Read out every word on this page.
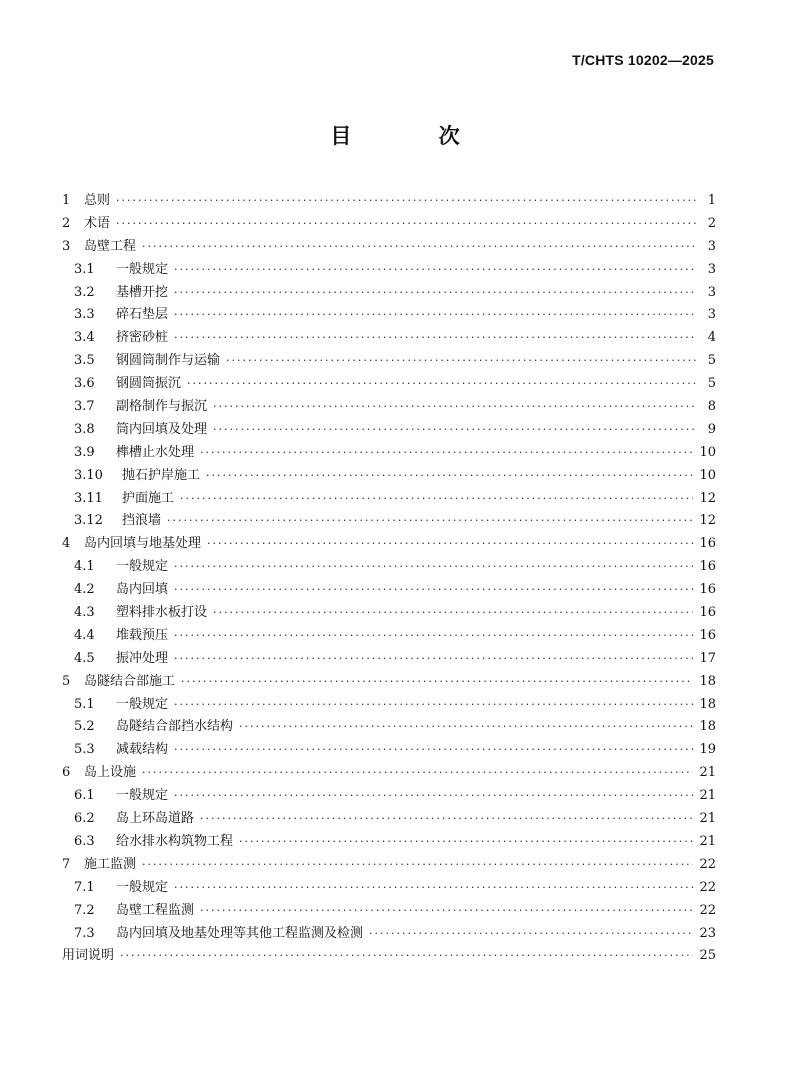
T/CHTS 10202—2025
目 次
1	总则 ·····	1
2	术语 ·····	2
3	岛壁工程 ·····	3
3.1	一般规定 ·····	3
3.2	基槽开挖 ·····	3
3.3	碎石垫层 ·····	3
3.4	挤密砂桩 ·····	4
3.5	钢圆筒制作与运输 ·····	5
3.6	钢圆筒振沉 ·····	5
3.7	副格制作与振沉 ·····	8
3.8	筒内回填及处理 ·····	9
3.9	榫槽止水处理 ·····	10
3.10	抛石护岸施工 ·····	10
3.11	护面施工 ·····	12
3.12	挡浪墙 ·····	12
4	岛内回填与地基处理 ·····	16
4.1	一般规定 ·····	16
4.2	岛内回填 ·····	16
4.3	塑料排水板打设 ·····	16
4.4	堆载预压 ·····	16
4.5	振冲处理 ·····	17
5	岛隧结合部施工 ·····	18
5.1	一般规定 ·····	18
5.2	岛隧结合部挡水结构 ·····	18
5.3	减载结构 ·····	19
6	岛上设施 ·····	21
6.1	一般规定 ·····	21
6.2	岛上环岛道路 ·····	21
6.3	给水排水构筑物工程 ·····	21
7	施工监测 ·····	22
7.1	一般规定 ·····	22
7.2	岛壁工程监测 ·····	22
7.3	岛内回填及地基处理等其他工程监测及检测 ·····	23
用词说明 ·····	25
